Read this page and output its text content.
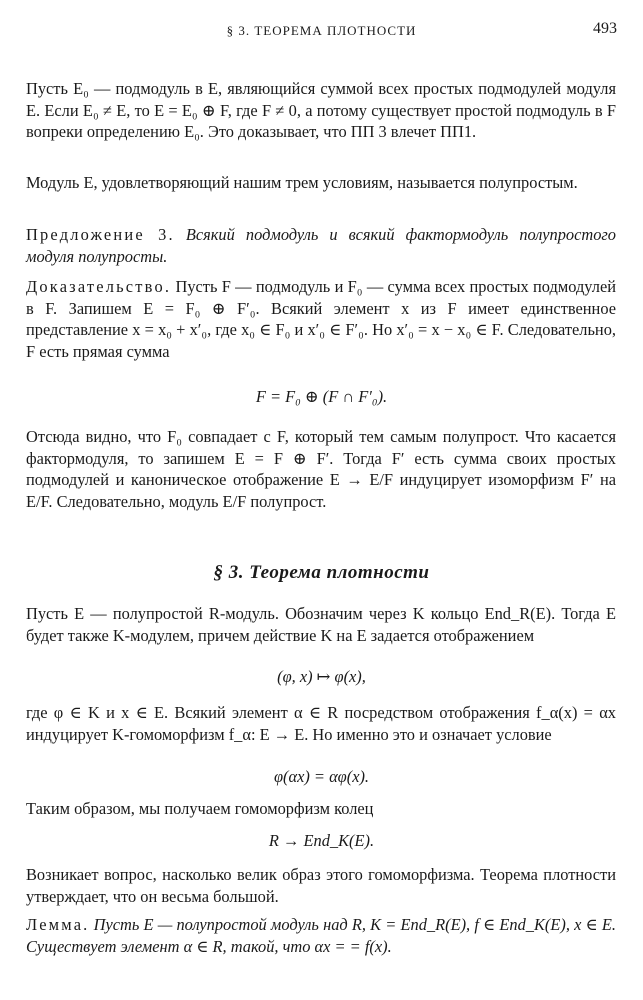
§ 3. ТЕОРЕМА ПЛОТНОСТИ	493

Пусть E₀ — подмодуль в E, являющийся суммой всех простых подмодулей модуля E. Если E₀ ≠ E, то E = E₀ ⊕ F, где F ≠ 0, а потому существует простой подмодуль в F вопреки определению E₀. Это доказывает, что ПП 3 влечет ПП1.

Модуль E, удовлетворяющий нашим трем условиям, называется полупростым.

Предложение 3. Всякий подмодуль и всякий фактормодуль полупростого модуля полупросты.

Доказательство. Пусть F — подмодуль и F₀ — сумма всех простых подмодулей в F. Запишем E = F₀ ⊕ F′₀. Всякий элемент x из F имеет единственное представление x = x₀ + x′₀, где x₀ ∈ F₀ и x′₀ ∈ F′₀. Но x′₀ = x − x₀ ∈ F. Следовательно, F есть прямая сумма

F = F₀ ⊕ (F ∩ F′₀).

Отсюда видно, что F₀ совпадает с F, который тем самым полупрост. Что касается фактормодуля, то запишем E = F ⊕ F′. Тогда F′ есть сумма своих простых подмодулей и каноническое отображение E → E/F индуцирует изоморфизм F′ на E/F. Следовательно, модуль E/F полупрост.

§ 3. Теорема плотности

Пусть E — полупростой R-модуль. Обозначим через K кольцо End_R(E). Тогда E будет также K-модулем, причем действие K на E задается отображением

(φ, x) ↦ φ(x),

где φ ∈ K и x ∈ E. Всякий элемент α ∈ R посредством отображения f_α(x) = αx индуцирует K-гомоморфизм f_α: E → E. Но именно это и означает условие

φ(αx) = αφ(x).

Таким образом, мы получаем гомоморфизм колец

R → End_K(E).

Возникает вопрос, насколько велик образ этого гомоморфизма. Теорема плотности утверждает, что он весьма большой.

Лемма. Пусть E — полупростой модуль над R, K = End_R(E), f ∈ End_K(E), x ∈ E. Существует элемент α ∈ R, такой, что αx = = f(x).
